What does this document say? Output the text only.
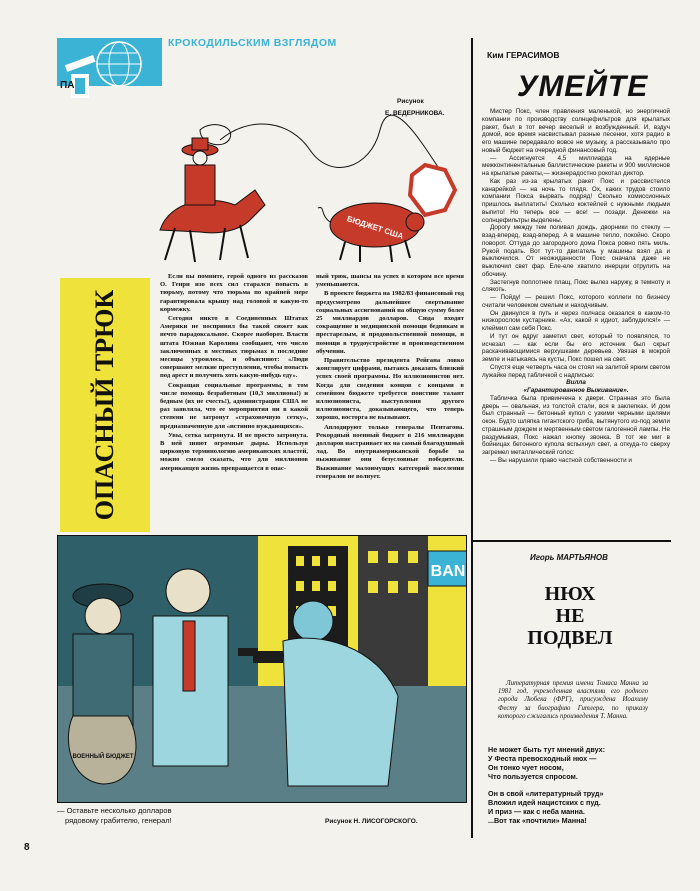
ПА
КРОКОДИЛЬСКИМ ВЗГЛЯДОМ
Рисунок
Е. ВЕДЕРНИКОВА.
БЮДЖЕТ США
ОПАСНЫЙ ТРЮК

Если вы помните, герой одного из рассказов О. Генри изо всех сил старался попасть в тюрьму, потому что тюрьма по крайней мере гарантировала крышу над головой и какую-то кормежку.

Сегодня никто в Соединенных Штатах Америки не воспринял бы такой сюжет как нечто парадоксальное. Скорее наоборот. Власти штата Южная Каролина сообщают, что число заключенных в местных тюрьмах в последние месяцы утроилось, и объясняют: «Люди совершают мелкие преступления, чтобы попасть под арест и получить хоть какую-нибудь еду».

Сокращая социальные программы, в том числе помощь безработным (10,3 миллиона!) и бедным (их не счесть!), администрация США не раз заявляла, что ее мероприятия ни в какой степени не затронут «страховочную сетку», предназначенную для «истинно нуждающихся».

Увы, сетка затронута. И не просто затронута. В ней зияют огромные дыры. Используя цирковую терминологию американских властей, можно смело сказать, что для миллионов американцев жизнь превращается в опас-

ный трюк, шансы на успех в котором все время уменьшаются.

В проекте бюджета на 1982/83 финансовый год предусмотрено дальнейшее свертывание социальных ассигнований на общую сумму более 25 миллиардов долларов. Сюда входят сокращение и медицинской помощи беднякам и престарелым, и продовольственной помощи, и помощи в трудоустройстве и производственном обучении.

Правительство президента Рейгана ловко жонглирует цифрами, пытаясь доказать близкий успех своей программы. Но иллюзионистов нет. Когда для сведения концов с концами в семейном бюджете требуется поистине талант иллюзиониста, выступления другого иллюзиониста, доказывающего, что теперь хорошо, восторга не вызывают.

Аплодируют только генералы Пентагона. Рекордный военный бюджет в 216 миллиардов долларов настраивает их на самый благодушный лад. Во внутриамериканской борьбе за выживание они безусловные победители. Выживание малоимущих категорий населения генералов не волнует.

Ким ГЕРАСИМОВ
УМЕЙТЕ

Мистер Покс, член правления маленькой, но энергичной компании по производству солнцефильтров для крылатых ракет, был в тот вечер веселый и возбужденный. И, вздуч домой, все время насвистывал разные песенки, хотя радио в его машине передавало вовсе не музыку, а рассказывало про новый бюджет на очередной финансовый год.

— Ассигнуется 4,5 миллиарда на ядерные межконтинентальные баллистические ракеты и 900 миллионов на крылатые ракеты,— жизнерадостно рокотал диктор.

Как раз из-за крылатых ракет Покс и рассвистелся канарейкой — на ночь то глядя. Ох, каких трудов стоило компании Покса вырвать подряд! Сколько комиссионных пришлось выплатить! Сколько коктейлей с нужными людьми выпито! Но теперь все — все! — позади. Денежки на солнцефильтры выделены.

Дорогу между тем поливал дождь, дворники по стеклу — взад-вперед, взад-вперед. А в машине тепло, покойно. Скоро поворот. Оттуда до загородного дома Покса ровно пять миль. Рукой подать. Вот тут-то двигатель у машины взял да и выключился. От неожиданности Покс сначала даже не выключил свет фар. Еле-еле хватило инерции отрулить на обочину.

Застегнув поплотнее плащ, Покс вылез наружу, в темноту и слякоть.

— Пойду! — решил Покс, которого коллеги по бизнесу считали человеком смелым и находчивым.

Он двинулся в путь и через полчаса оказался в каком-то низкорослом кустарнике. «Ах, какой я идиот, заблудился!» — клеймил сам себя Покс.

И тут он вдруг заметил свет, который то появлялся, то исчезал — как если бы его источник был скрыт раскачивающимися верхушками деревьев. Увязая в мокрой земле и натыкаясь на кусты, Покс пошел на свет.

Спустя еще четверть часа он стоял на залитой ярким светом лужайке перед табличкой с надписью:

Вилла
«Гарантированное Выживание».

Табличка была привинчена к двери. Странная это была дверь — овальная, из толстой стали, вся в заклепках. И дом был странный — бетонный купол с узкими черными щелями окон. Будто шляпка гигантского гриба, вытянутого из-под земли страшным дождем и мертвенным светом галогенной лампы. Не раздумывая, Покс нажал кнопку звонка. В тот же миг в бойницах бетонного купола вспыхнул свет, а откуда-то сверху загремел металлический голос:

— Вы нарушили право частной собственности и

BAN
ВОЕННЫЙ БЮДЖЕТ
— Оставьте несколько долларов
рядовому грабителю, генерал!	Рисунок Н. ЛИСОГОРСКОГО.
Игорь МАРТЬЯНОВ
НЮХ
НЕ
ПОДВЕЛ
Литературная премия имени Томаса Манна за 1981 год, учрежденная властями его родного города Любека (ФРГ), присуждена Иоахиму Фесту за биографию Гитлера, по приказу которого сжигались произведения Т. Манна.
Не может быть тут мнений двух:
У Феста превосходный нюх —
Он тонко чует носом,
Что пользуется спросом.
Он в свой «литературный труд»
Вложил идей нацистских с пуд.
И приз — как с неба манна.
...Вот так «почтили» Манна!
8
